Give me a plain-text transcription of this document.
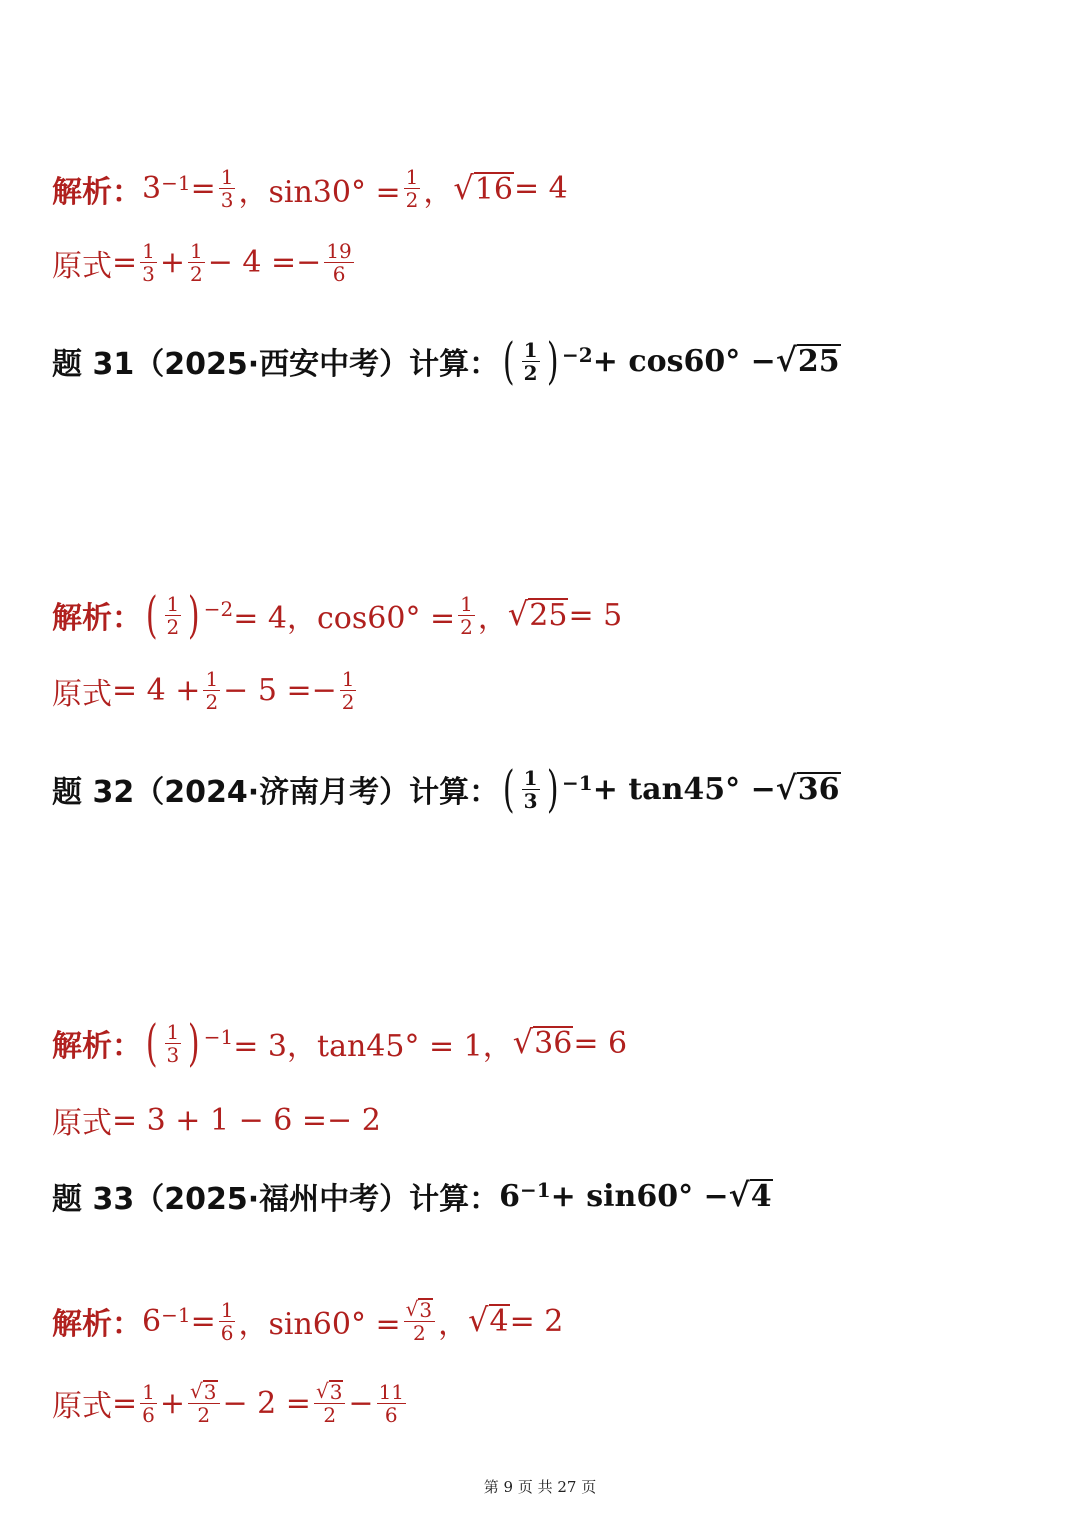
解析： $3^{-1} = \frac{1}{3}$ ，$\sin 30^\circ = \frac{1}{2}$ ， √ 16 = 4
原式 = $\frac{1}{3} + \frac{1}{2} - 4 =- \frac{19}{6}$
题 31（2025·西安中考）计算： ( $\frac{1}{2} )^{-2} + \cos 60^\circ$ − √ 25
解析： ( $\frac{1}{2} )^{-2} = 4$，$\cos 60^\circ = \frac{1}{2}$ ， √ 25 = 5
原式 = $4 + \frac{1}{2} - 5 =- \frac{1}{2}$
题 32（2024·济南月考）计算： ( $\frac{1}{3} )^{-1} + \tan 45^\circ$ − √ 36
解析： ( $\frac{1}{3} )^{-1} = 3$，tan45° = 1， √ 36 = 6
原式 = 3 + 1 − 6 =− 2
题 33（2025·福州中考）计算： $6^{-1} + \sin 60^\circ$ − √ 4
解析： $6^{-1} = \frac{1}{6}$ ，$\sin 60^\circ = \frac{√ 3}{2}$ ， √ 4 = 2
原式 = $\frac{1}{6} + \frac{√ 3}{2} - 2 = \frac{√ 3}{2} - \frac{11}{6}$
第 9 页 共 27 页
